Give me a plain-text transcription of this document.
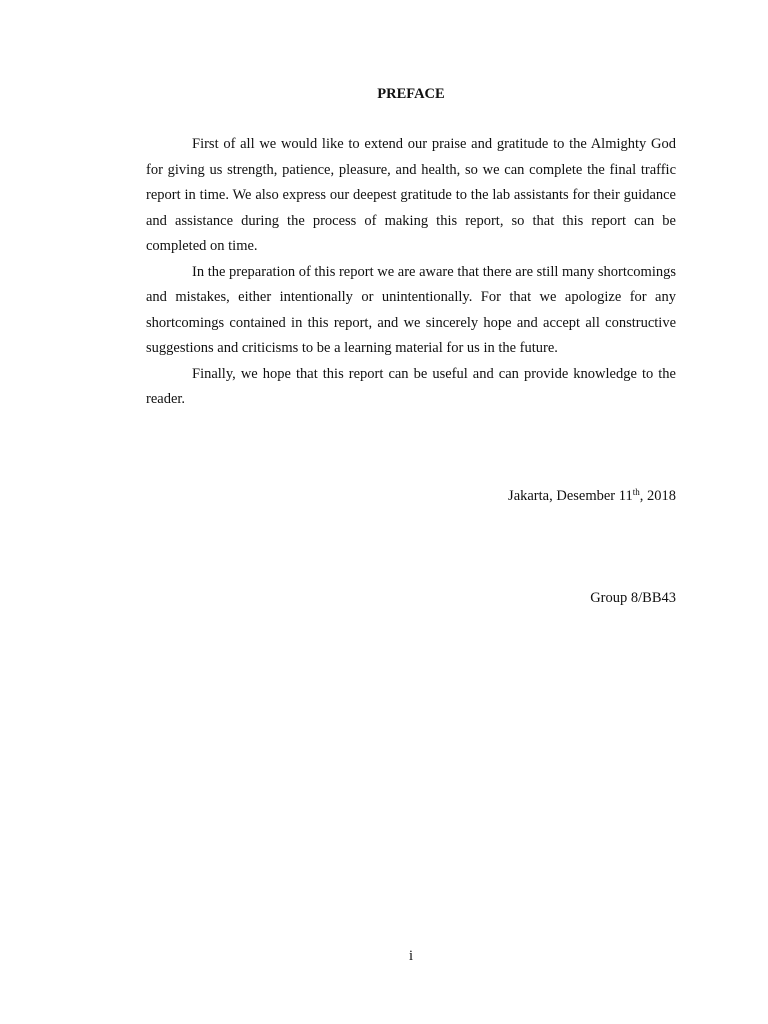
PREFACE

First of all we would like to extend our praise and gratitude to the Almighty God for giving us strength, patience, pleasure, and health, so we can complete the final traffic report in time. We also express our deepest gratitude to the lab assistants for their guidance and assistance during the process of making this report, so that this report can be completed on time.

In the preparation of this report we are aware that there are still many shortcomings and mistakes, either intentionally or unintentionally. For that we apologize for any shortcomings contained in this report, and we sincerely hope and accept all constructive suggestions and criticisms to be a learning material for us in the future.

Finally, we hope that this report can be useful and can provide knowledge to the reader.

Jakarta, Desember 11th, 2018
Group 8/BB43
i
